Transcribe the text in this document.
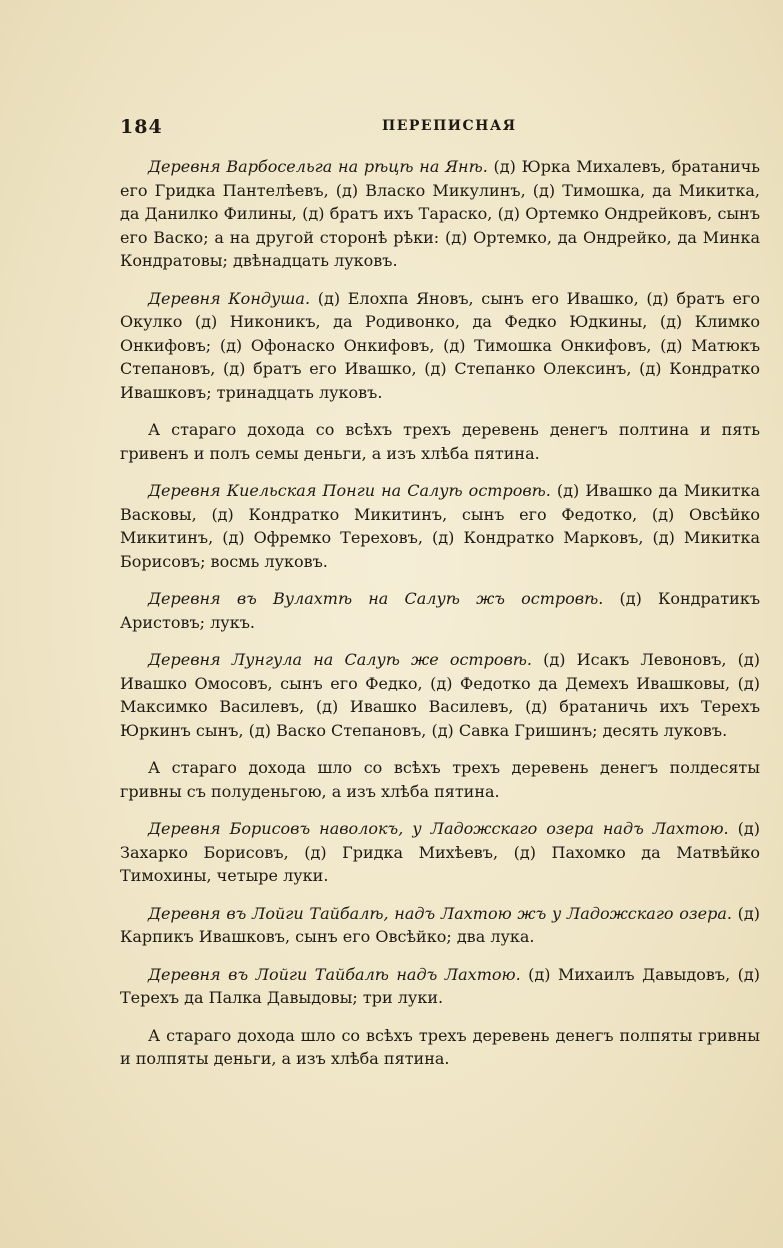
184	ПЕРЕПИСНАЯ

Деревня Варбосельга на рѣцѣ на Янѣ. (д) Юрка Михалевъ, братаничь его Гридка Пантелѣевъ, (д) Власко Микулинъ, (д) Тимошка, да Микитка, да Данилко Филины, (д) братъ ихъ Тараско, (д) Ортемко Ондрейковъ, сынъ его Васко; а на другой сторонѣ рѣки: (д) Ортемко, да Ондрейко, да Минка Кондратовы; двѣнадцать луковъ.

Деревня Кондуша. (д) Елохпа Яновъ, сынъ его Ивашко, (д) братъ его Окулко (д) Никоникъ, да Родивонко, да Федко Юдкины, (д) Климко Онкифовъ; (д) Офонаско Онкифовъ, (д) Тимошка Онкифовъ, (д) Матюкъ Степановъ, (д) братъ его Ивашко, (д) Степанко Олексинъ, (д) Кондратко Ивашковъ; тринадцать луковъ.

А стараго дохода со всѣхъ трехъ деревень денегъ полтина и пять гривенъ и полъ семы деньги, а изъ хлѣба пятина.

Деревня Киельская Понги на Салуѣ островѣ. (д) Ивашко да Микитка Васковы, (д) Кондратко Микитинъ, сынъ его Федотко, (д) Овсѣйко Микитинъ, (д) Офремко Тереховъ, (д) Кондратко Марковъ, (д) Микитка Борисовъ; восмь луковъ.

Деревня въ Вулахтѣ на Салуѣ жъ островѣ. (д) Кондратикъ Аристовъ; лукъ.

Деревня Лунгула на Салуѣ же островѣ. (д) Исакъ Левоновъ, (д) Ивашко Омосовъ, сынъ его Федко, (д) Федотко да Демехъ Ивашковы, (д) Максимко Василевъ, (д) Ивашко Василевъ, (д) братаничь ихъ Терехъ Юркинъ сынъ, (д) Васко Степановъ, (д) Савка Гришинъ; десять луковъ.

А стараго дохода шло со всѣхъ трехъ деревень денегъ полдесяты гривны съ полуденьгою, а изъ хлѣба пятина.

Деревня Борисовъ наволокъ, у Ладожскаго озера надъ Лахтою. (д) Захарко Борисовъ, (д) Гридка Михѣевъ, (д) Пахомко да Матвѣйко Тимохины, четыре луки.

Деревня въ Лойги Тайбалѣ, надъ Лахтою жъ у Ладожскаго озера. (д) Карпикъ Ивашковъ, сынъ его Овсѣйко; два лука.

Деревня въ Лойги Тайбалѣ надъ Лахтою. (д) Михаилъ Давыдовъ, (д) Терехъ да Палка Давыдовы; три луки.

А стараго дохода шло со всѣхъ трехъ деревень денегъ полпяты гривны и полпяты деньги, а изъ хлѣба пятина.
